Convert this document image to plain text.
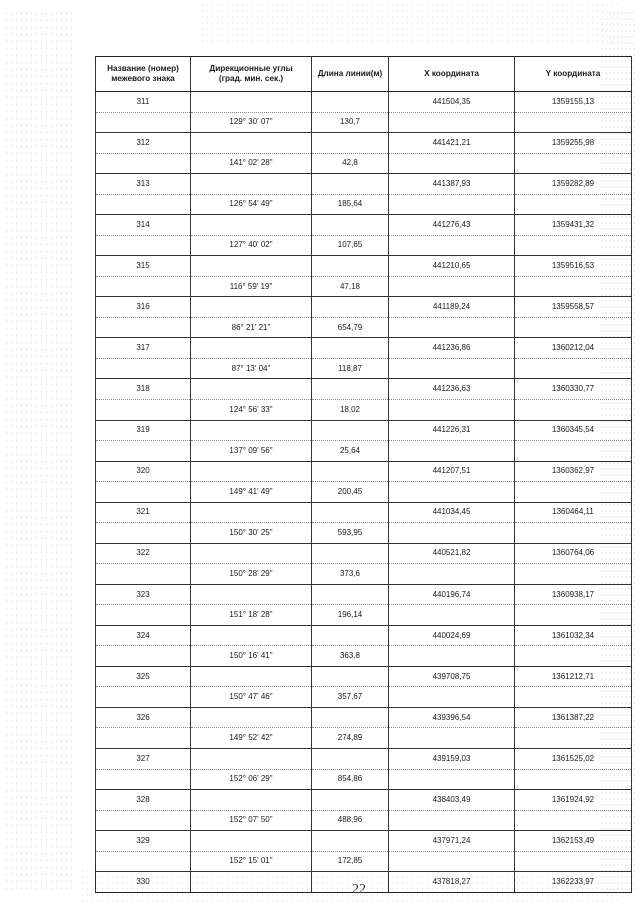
Название (номер)
межевого знака	Дирекционные углы
(град. мин. сек.)	Длина линии(м)	X координата	Y координата
311			441504,35	1359155,13
	129° 30' 07"	130,7		
312			441421,21	1359255,98
	141° 02' 28"	42,8		
313			441387,93	1359282,89
	126° 54' 49"	185,64		
314			441276,43	1359431,32
	127° 40' 02"	107,65		
315			441210,65	1359516,53
	116° 59' 19"	47,18		
316			441189,24	1359558,57
	86° 21' 21"	654,79		
317			441236,86	1360212,04
	87° 13' 04"	118,87		
318			441236,63	1360330,77
	124° 56' 33"	18,02		
319			441226,31	1360345,54
	137° 09' 56"	25,64		
320			441207,51	1360362,97
	149° 41' 49"	200,45		
321			441034,45	1360464,11
	150° 30' 25"	593,95		
322			440521,82	1360764,06
	150° 28' 29"	373,6		
323			440196,74	1360938,17
	151° 18' 28"	196,14		
324			440024,69	1361032,34
	150° 16' 41"	363,8		
325			439708,75	1361212,71
	150° 47' 46"	357,67		
326			439396,54	1361387,22
	149° 52' 42"	274,89		
327			439159,03	1361525,02
	152° 06' 29"	854,86		
328			438403,49	1361924,92
	152° 07' 50"	488,96		
329			437971,24	1362153,49
	152° 15' 01"	172,85		
330			437818,27	1362233,97
22
